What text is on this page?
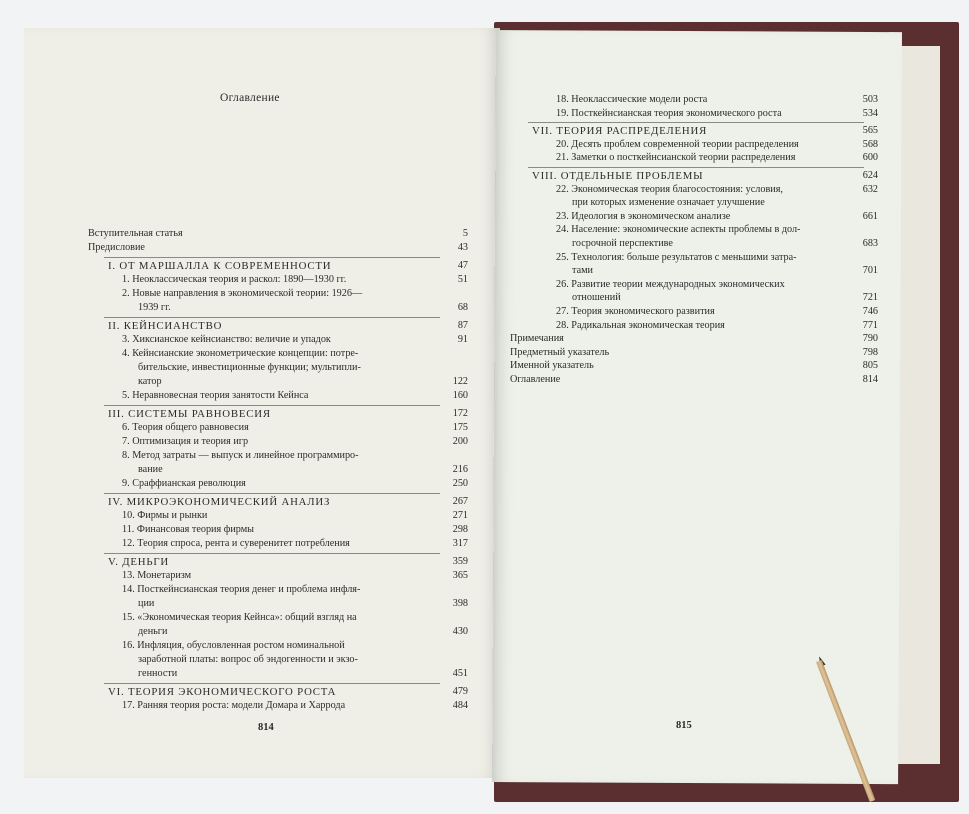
Оглавление
Вступительная статья	5
Предисловие	43
I. ОТ МАРШАЛЛА К СОВРЕМЕННОСТИ	47
1. Неоклассическая теория и раскол: 1890—1930 гг.	51
2. Новые направления в экономической теории: 1926—
1939 гг.	68
II. КЕЙНСИАНСТВО	87
3. Хиксианское кейнсианство: величие и упадок	91
4. Кейнсианские эконометрические концепции: потре-
бительские, инвестиционные функции; мультипли-
катор	122
5. Неравновесная теория занятости Кейнса	160
III. СИСТЕМЫ РАВНОВЕСИЯ	172
6. Теория общего равновесия	175
7. Оптимизация и теория игр	200
8. Метод затраты — выпуск и линейное программиро-
вание	216
9. Сраффианская революция	250
IV. МИКРОЭКОНОМИЧЕСКИЙ АНАЛИЗ	267
10. Фирмы и рынки	271
11. Финансовая теория фирмы	298
12. Теория спроса, рента и суверенитет потребления	317
V. ДЕНЬГИ	359
13. Монетаризм	365
14. Посткейнсианская теория денег и проблема инфля-
ции	398
15. «Экономическая теория Кейнса»: общий взгляд на
деньги	430
16. Инфляция, обусловленная ростом номинальной
заработной платы: вопрос об эндогенности и экзо-
генности	451
VI. ТЕОРИЯ ЭКОНОМИЧЕСКОГО РОСТА	479
17. Ранняя теория роста: модели Домара и Харрода	484
18. Неоклассические модели роста	503
19. Посткейнсианская теория экономического роста	534
VII. ТЕОРИЯ РАСПРЕДЕЛЕНИЯ	565
20. Десять проблем современной теории распределения	568
21. Заметки о посткейнсианской теории распределения	600
VIII. ОТДЕЛЬНЫЕ ПРОБЛЕМЫ	624
22. Экономическая теория благосостояния: условия,	632
при которых изменение означает улучшение
23. Идеология в экономическом анализе	661
24. Население: экономические аспекты проблемы в дол-
госрочной перспективе	683
25. Технология: больше результатов с меньшими затра-
тами	701
26. Развитие теории международных экономических
отношений	721
27. Теория экономического развития	746
28. Радикальная экономическая теория	771
Примечания	790
Предметный указатель	798
Именной указатель	805
Оглавление	814
814	815
